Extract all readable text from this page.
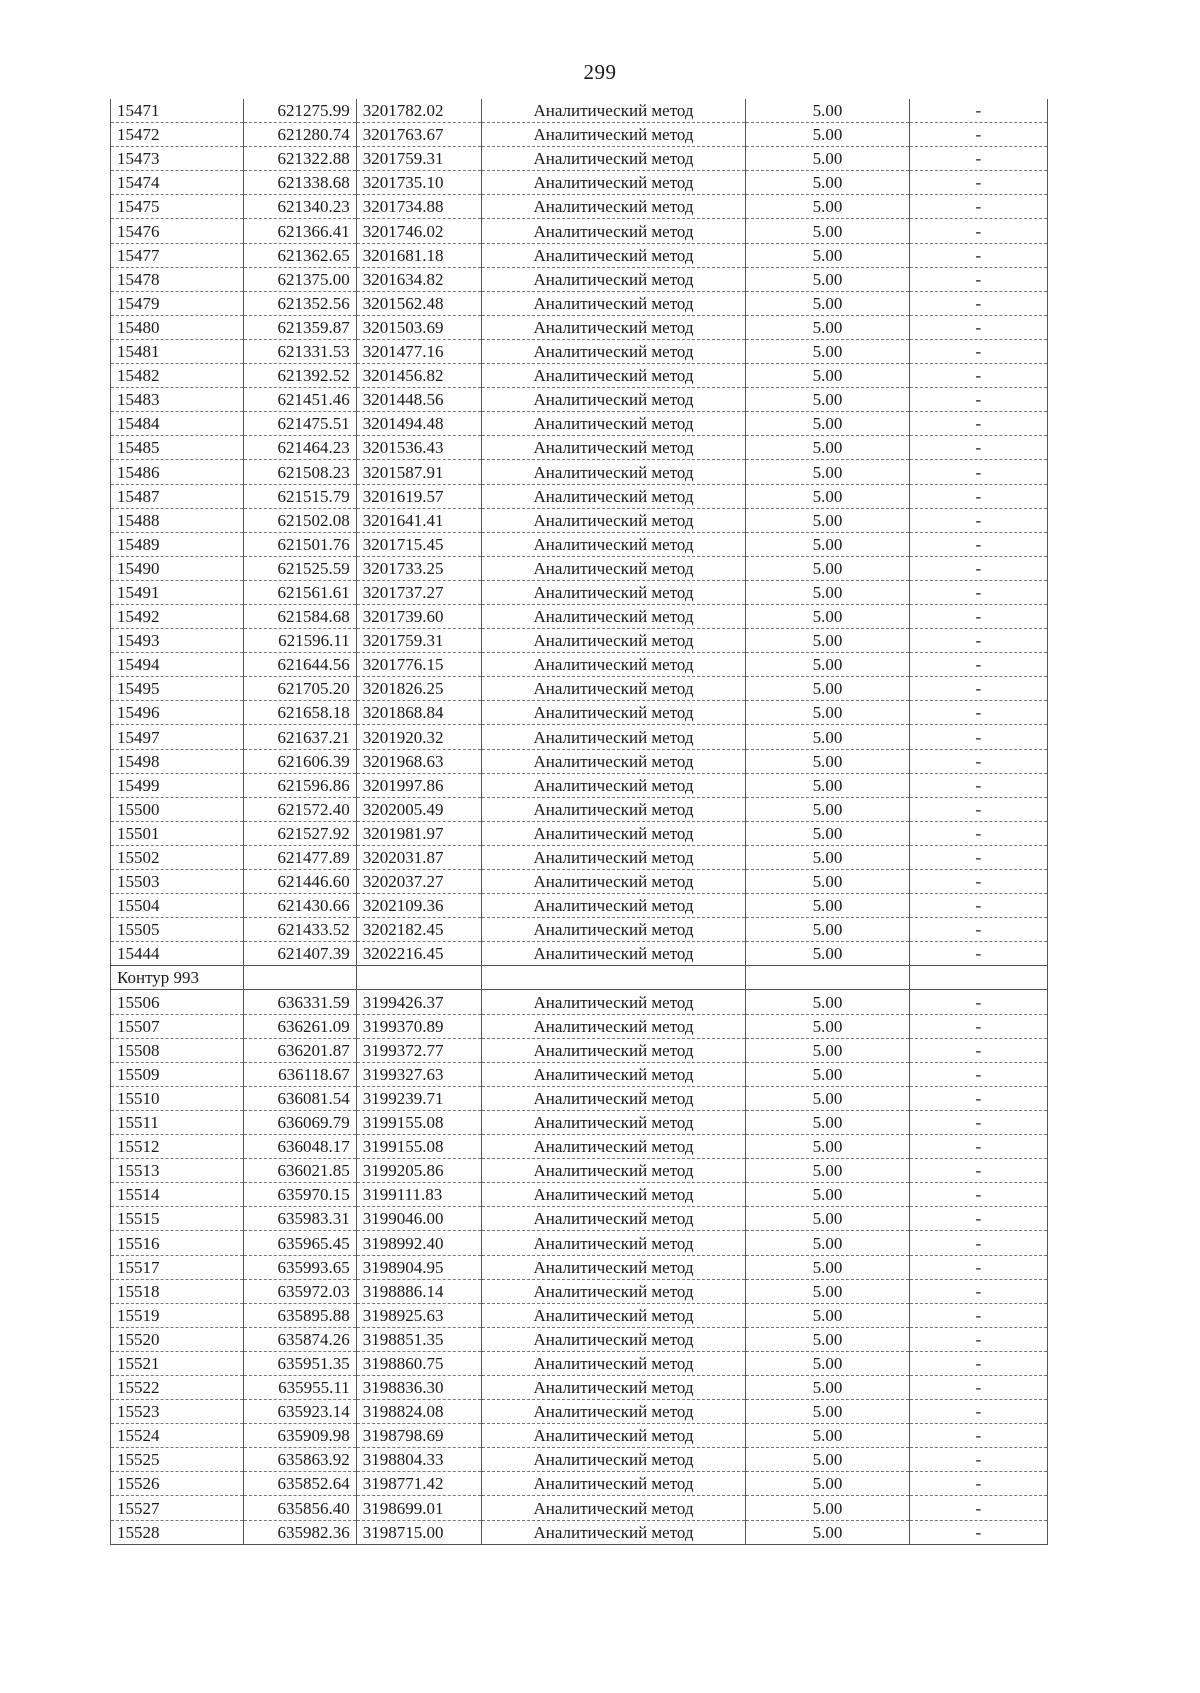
299
15471	621275.99	3201782.02	Аналитический метод	5.00	-
15472	621280.74	3201763.67	Аналитический метод	5.00	-
15473	621322.88	3201759.31	Аналитический метод	5.00	-
15474	621338.68	3201735.10	Аналитический метод	5.00	-
15475	621340.23	3201734.88	Аналитический метод	5.00	-
15476	621366.41	3201746.02	Аналитический метод	5.00	-
15477	621362.65	3201681.18	Аналитический метод	5.00	-
15478	621375.00	3201634.82	Аналитический метод	5.00	-
15479	621352.56	3201562.48	Аналитический метод	5.00	-
15480	621359.87	3201503.69	Аналитический метод	5.00	-
15481	621331.53	3201477.16	Аналитический метод	5.00	-
15482	621392.52	3201456.82	Аналитический метод	5.00	-
15483	621451.46	3201448.56	Аналитический метод	5.00	-
15484	621475.51	3201494.48	Аналитический метод	5.00	-
15485	621464.23	3201536.43	Аналитический метод	5.00	-
15486	621508.23	3201587.91	Аналитический метод	5.00	-
15487	621515.79	3201619.57	Аналитический метод	5.00	-
15488	621502.08	3201641.41	Аналитический метод	5.00	-
15489	621501.76	3201715.45	Аналитический метод	5.00	-
15490	621525.59	3201733.25	Аналитический метод	5.00	-
15491	621561.61	3201737.27	Аналитический метод	5.00	-
15492	621584.68	3201739.60	Аналитический метод	5.00	-
15493	621596.11	3201759.31	Аналитический метод	5.00	-
15494	621644.56	3201776.15	Аналитический метод	5.00	-
15495	621705.20	3201826.25	Аналитический метод	5.00	-
15496	621658.18	3201868.84	Аналитический метод	5.00	-
15497	621637.21	3201920.32	Аналитический метод	5.00	-
15498	621606.39	3201968.63	Аналитический метод	5.00	-
15499	621596.86	3201997.86	Аналитический метод	5.00	-
15500	621572.40	3202005.49	Аналитический метод	5.00	-
15501	621527.92	3201981.97	Аналитический метод	5.00	-
15502	621477.89	3202031.87	Аналитический метод	5.00	-
15503	621446.60	3202037.27	Аналитический метод	5.00	-
15504	621430.66	3202109.36	Аналитический метод	5.00	-
15505	621433.52	3202182.45	Аналитический метод	5.00	-
15444	621407.39	3202216.45	Аналитический метод	5.00	-
Контур 993					
15506	636331.59	3199426.37	Аналитический метод	5.00	-
15507	636261.09	3199370.89	Аналитический метод	5.00	-
15508	636201.87	3199372.77	Аналитический метод	5.00	-
15509	636118.67	3199327.63	Аналитический метод	5.00	-
15510	636081.54	3199239.71	Аналитический метод	5.00	-
15511	636069.79	3199155.08	Аналитический метод	5.00	-
15512	636048.17	3199155.08	Аналитический метод	5.00	-
15513	636021.85	3199205.86	Аналитический метод	5.00	-
15514	635970.15	3199111.83	Аналитический метод	5.00	-
15515	635983.31	3199046.00	Аналитический метод	5.00	-
15516	635965.45	3198992.40	Аналитический метод	5.00	-
15517	635993.65	3198904.95	Аналитический метод	5.00	-
15518	635972.03	3198886.14	Аналитический метод	5.00	-
15519	635895.88	3198925.63	Аналитический метод	5.00	-
15520	635874.26	3198851.35	Аналитический метод	5.00	-
15521	635951.35	3198860.75	Аналитический метод	5.00	-
15522	635955.11	3198836.30	Аналитический метод	5.00	-
15523	635923.14	3198824.08	Аналитический метод	5.00	-
15524	635909.98	3198798.69	Аналитический метод	5.00	-
15525	635863.92	3198804.33	Аналитический метод	5.00	-
15526	635852.64	3198771.42	Аналитический метод	5.00	-
15527	635856.40	3198699.01	Аналитический метод	5.00	-
15528	635982.36	3198715.00	Аналитический метод	5.00	-
